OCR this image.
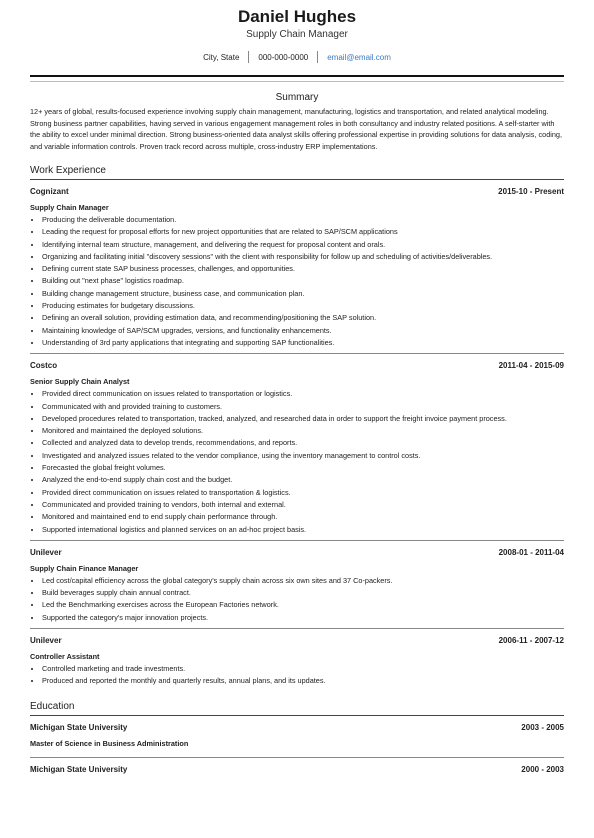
Daniel Hughes
Supply Chain Manager
City, State	000-000-0000	email@email.com
Summary
12+ years of global, results-focused experience involving supply chain management, manufacturing, logistics and transportation, and related analytical modeling. Strong business partner capabilities, having served in various engagement management roles in both consultancy and industry related positions. A self-starter with the ability to excel under minimal direction. Strong business-oriented data analyst skills offering professional expertise in providing solutions for data analysis, coding, and variable information controls. Proven track record across multiple, cross-industry ERP implementations.
Work Experience
Cognizant	2015-10 - Present
Supply Chain Manager
• Producing the deliverable documentation.
• Leading the request for proposal efforts for new project opportunities that are related to SAP/SCM applications
• Identifying internal team structure, management, and delivering the request for proposal content and orals.
• Organizing and facilitating initial "discovery sessions" with the client with responsibility for follow up and scheduling of activities/deliverables.
• Defining current state SAP business processes, challenges, and opportunities.
• Building out "next phase" logistics roadmap.
• Building change management structure, business case, and communication plan.
• Producing estimates for budgetary discussions.
• Defining an overall solution, providing estimation data, and recommending/positioning the SAP solution.
• Maintaining knowledge of SAP/SCM upgrades, versions, and functionality enhancements.
• Understanding of 3rd party applications that integrating and supporting SAP functionalities.
Costco	2011-04 - 2015-09
Senior Supply Chain Analyst
• Provided direct communication on issues related to transportation or logistics.
• Communicated with and provided training to customers.
• Developed procedures related to transportation, tracked, analyzed, and researched data in order to support the freight invoice payment process.
• Monitored and maintained the deployed solutions.
• Collected and analyzed data to develop trends, recommendations, and reports.
• Investigated and analyzed issues related to the vendor compliance, using the inventory management to control costs.
• Forecasted the global freight volumes.
• Analyzed the end-to-end supply chain cost and the budget.
• Provided direct communication on issues related to transportation & logistics.
• Communicated and provided training to vendors, both internal and external.
• Monitored and maintained end to end supply chain performance through.
• Supported international logistics and planned services on an ad-hoc project basis.
Unilever	2008-01 - 2011-04
Supply Chain Finance Manager
• Led cost/capital efficiency across the global category's supply chain across six own sites and 37 Co-packers.
• Build beverages supply chain annual contract.
• Led the Benchmarking exercises across the European Factories network.
• Supported the category's major innovation projects.
Unilever	2006-11 - 2007-12
Controller Assistant
• Controlled marketing and trade investments.
• Produced and reported the monthly and quarterly results, annual plans, and its updates.
Education
Michigan State University	2003 - 2005
Master of Science in Business Administration
Michigan State University	2000 - 2003
